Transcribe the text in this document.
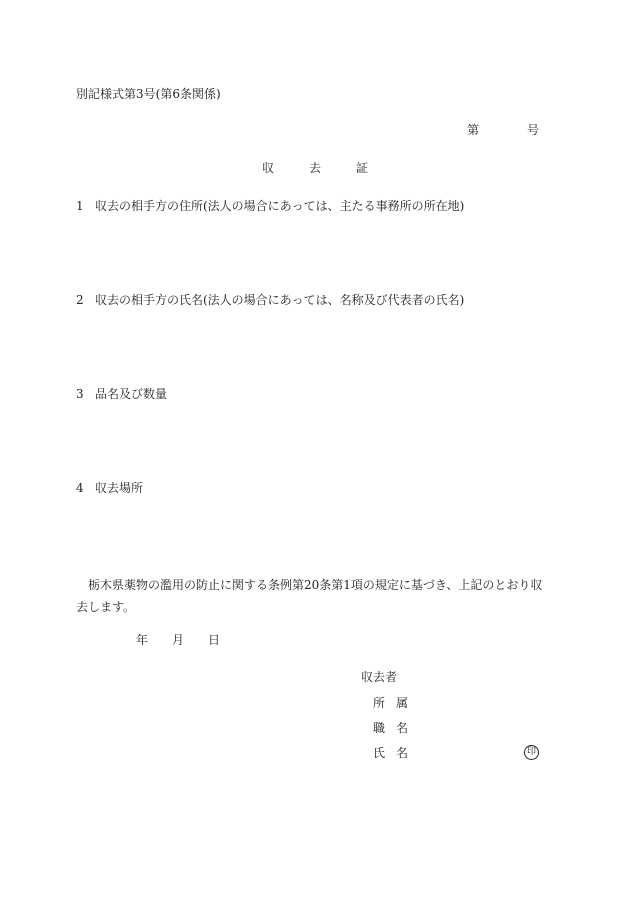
別記様式第3号(第6条関係)
第	号
収	去	証
1 収去の相手方の住所(法人の場合にあっては、主たる事務所の所在地)
2 収去の相手方の氏名(法人の場合にあっては、名称及び代表者の氏名)
3 品名及び数量
4 収去場所
栃木県薬物の濫用の防止に関する条例第20条第1項の規定に基づき、上記のとおり収去します。
年 月 日
収去者
所 属
職 名
氏 名	印
